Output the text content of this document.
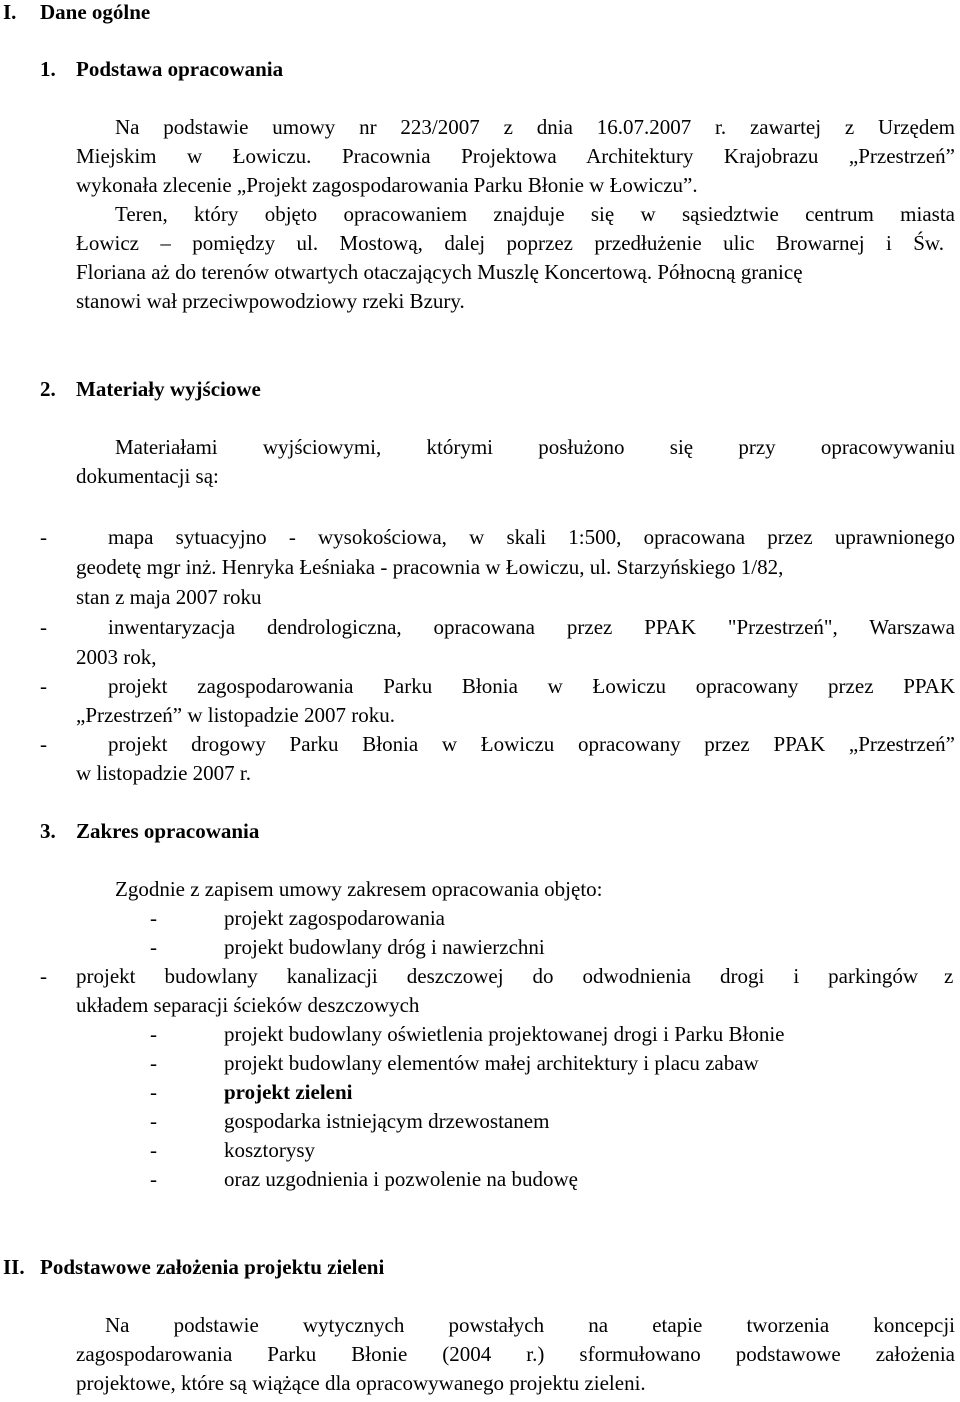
I. Dane ogólne
1. Podstawa opracowania
Na podstawie umowy nr 223/2007 z dnia 16.07.2007 r. zawartej z Urzędem
Miejskim w Łowiczu. Pracownia Projektowa Architektury Krajobrazu „Przestrzeń”
wykonała zlecenie „Projekt zagospodarowania Parku Błonie w Łowiczu”.
Teren, który objęto opracowaniem znajduje się w sąsiedztwie centrum miasta
Łowicz – pomiędzy ul. Mostową, dalej poprzez przedłużenie ulic Browarnej i Św.
Floriana aż do terenów otwartych otaczających Muszlę Koncertową. Północną granicę
stanowi wał przeciwpowodziowy rzeki Bzury.
2. Materiały wyjściowe
Materiałami wyjściowymi, którymi posłużono się przy opracowywaniu
dokumentacji są:
-	mapa sytuacyjno - wysokościowa, w skali 1:500, opracowana przez uprawnionego
geodetę mgr inż. Henryka Łeśniaka - pracownia w Łowiczu, ul. Starzyńskiego 1/82,
stan z maja 2007 roku
-	inwentaryzacja dendrologiczna, opracowana przez PPAK "Przestrzeń", Warszawa
2003 rok,
-	projekt zagospodarowania Parku Błonia w Łowiczu opracowany przez PPAK
„Przestrzeń” w listopadzie 2007 roku.
-	projekt drogowy Parku Błonia w Łowiczu opracowany przez PPAK „Przestrzeń”
w listopadzie 2007 r.
3. Zakres opracowania
Zgodnie z zapisem umowy zakresem opracowania objęto:
-	projekt zagospodarowania
-	projekt budowlany dróg i nawierzchni
- projekt budowlany kanalizacji deszczowej do odwodnienia drogi i parkingów z
układem separacji ścieków deszczowych
-	projekt budowlany oświetlenia projektowanej drogi i Parku Błonie
-	projekt budowlany elementów małej architektury i placu zabaw
-	projekt zieleni
-	gospodarka istniejącym drzewostanem
-	kosztorysy
-	oraz uzgodnienia i pozwolenie na budowę
II. Podstawowe założenia projektu zieleni
Na podstawie wytycznych powstałych na etapie tworzenia koncepcji
zagospodarowania Parku Błonie (2004 r.) sformułowano podstawowe założenia
projektowe, które są wiążące dla opracowywanego projektu zieleni.
